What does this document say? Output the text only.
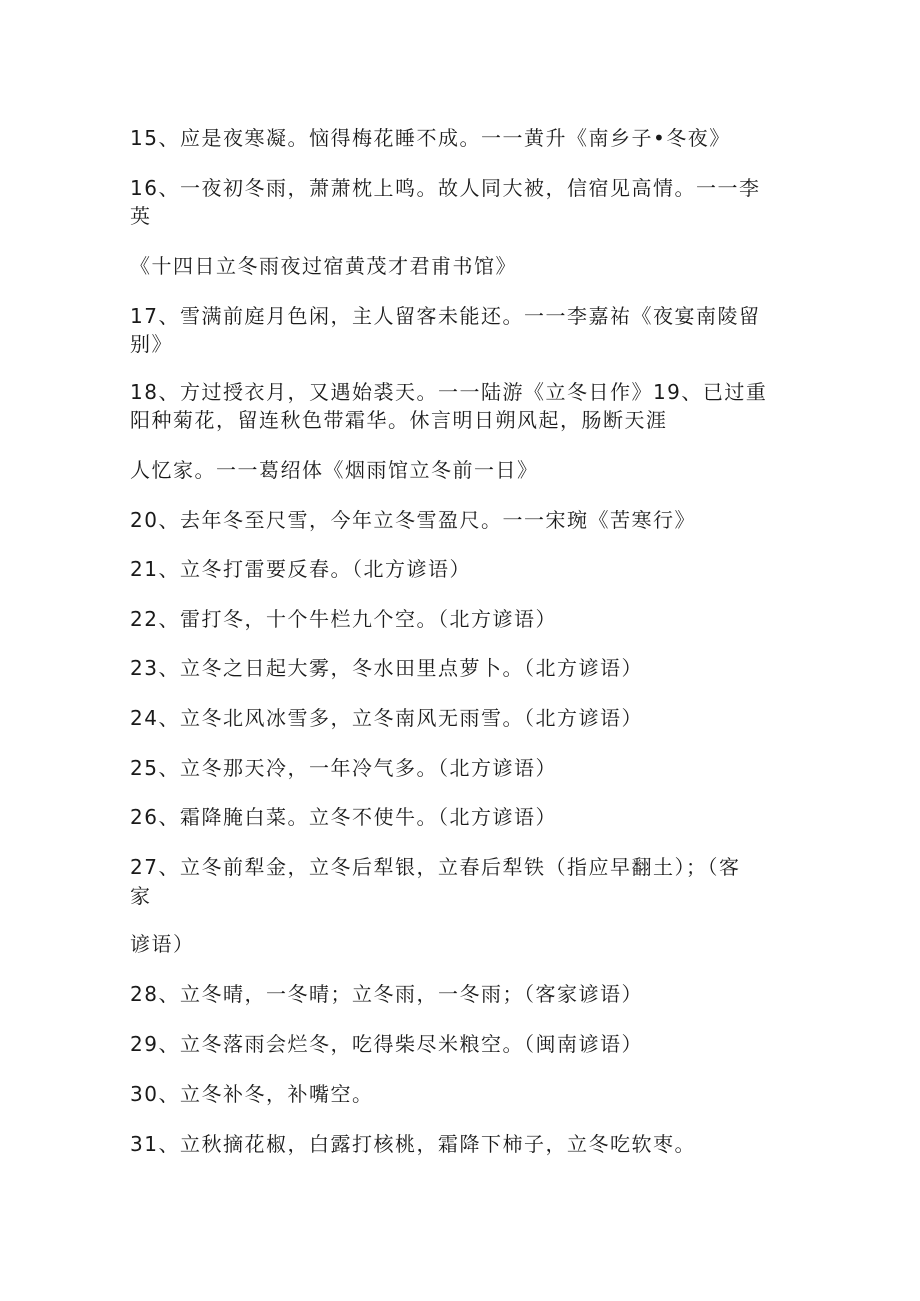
15、应是夜寒凝。恼得梅花睡不成。一一黄升《南乡子•冬夜》
16、一夜初冬雨，萧萧枕上鸣。故人同大被，信宿见高情。一一李
英
《十四日立冬雨夜过宿黄茂才君甫书馆》
17、雪满前庭月色闲，主人留客未能还。一一李嘉祐《夜宴南陵留
别》
18、方过授衣月，又遇始裘天。一一陆游《立冬日作》19、已过重
阳种菊花，留连秋色带霜华。休言明日朔风起，肠断天涯
人忆家。一一葛绍体《烟雨馆立冬前一日》
20、去年冬至尺雪，今年立冬雪盈尺。一一宋琬《苦寒行》
21、立冬打雷要反春。（北方谚语）
22、雷打冬，十个牛栏九个空。（北方谚语）
23、立冬之日起大雾，冬水田里点萝卜。（北方谚语）
24、立冬北风冰雪多，立冬南风无雨雪。（北方谚语）
25、立冬那天冷，一年冷气多。（北方谚语）
26、霜降腌白菜。立冬不使牛。（北方谚语）
27、立冬前犁金，立冬后犁银，立春后犁铁（指应早翻土）；（客
家
谚语）
28、立冬晴，一冬晴；立冬雨，一冬雨；（客家谚语）
29、立冬落雨会烂冬，吃得柴尽米粮空。（闽南谚语）
30、立冬补冬，补嘴空。
31、立秋摘花椒，白露打核桃，霜降下柿子，立冬吃软枣。
